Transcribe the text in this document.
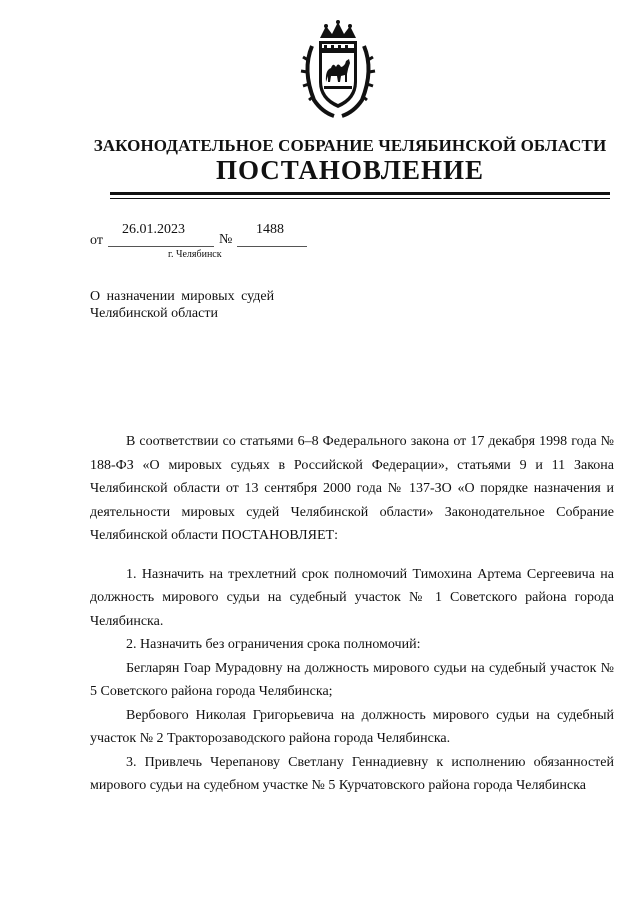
ЗАКОНОДАТЕЛЬНОЕ СОБРАНИЕ ЧЕЛЯБИНСКОЙ ОБЛАСТИ
ПОСТАНОВЛЕНИЕ
от
26.01.2023
№
1488
г. Челябинск
О назначении мировых судей
Челябинской области

В соответствии со статьями 6–8 Федерального закона от 17 декабря 1998 года № 188-ФЗ «О мировых судьях в Российской Федерации», статьями 9 и 11 Закона Челябинской области от 13 сентября 2000 года № 137-ЗО «О порядке назначения и деятельности мировых судей Челябинской области» Законодательное Собрание Челябинской области ПОСТАНОВЛЯЕТ:

1. Назначить на трехлетний срок полномочий Тимохина Артема Сергеевича на должность мирового судьи на судебный участок № 1 Советского района города Челябинска.

2. Назначить без ограничения срока полномочий:

Бегларян Гоар Мурадовну на должность мирового судьи на судебный участок № 5 Советского района города Челябинска;

Вербового Николая Григорьевича на должность мирового судьи на судебный участок № 2 Тракторозаводского района города Челябинска.

3. Привлечь Черепанову Светлану Геннадиевну к исполнению обязанностей мирового судьи на судебном участке № 5 Курчатовского района города Челябинска
